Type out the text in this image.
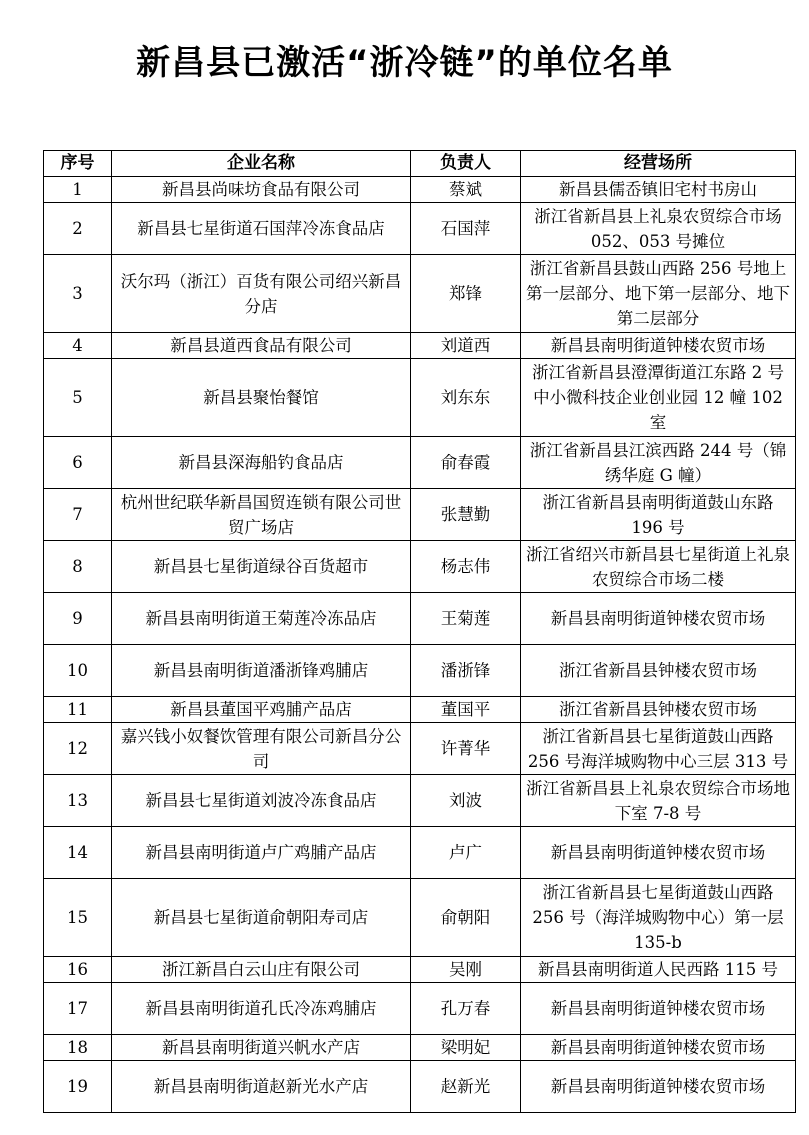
新昌县已激活“浙冷链”的单位名单
序号	企业名称	负责人	经营场所
1	新昌县尚味坊食品有限公司	蔡斌	新昌县儒岙镇旧宅村书房山
2	新昌县七星街道石国萍冷冻食品店	石国萍	浙江省新昌县上礼泉农贸综合市场 052、053 号摊位
3	沃尔玛（浙江）百货有限公司绍兴新昌分店	郑锋	浙江省新昌县鼓山西路 256 号地上第一层部分、地下第一层部分、地下第二层部分
4	新昌县道西食品有限公司	刘道西	新昌县南明街道钟楼农贸市场
5	新昌县聚怡餐馆	刘东东	浙江省新昌县澄潭街道江东路 2 号中小微科技企业创业园 12 幢 102 室
6	新昌县深海船钓食品店	俞春霞	浙江省新昌县江滨西路 244 号（锦绣华庭 G 幢）
7	杭州世纪联华新昌国贸连锁有限公司世贸广场店	张慧勤	浙江省新昌县南明街道鼓山东路 196 号
8	新昌县七星街道绿谷百货超市	杨志伟	浙江省绍兴市新昌县七星街道上礼泉农贸综合市场二楼
9	新昌县南明街道王菊莲冷冻品店	王菊莲	新昌县南明街道钟楼农贸市场
10	新昌县南明街道潘浙锋鸡脯店	潘浙锋	浙江省新昌县钟楼农贸市场
11	新昌县董国平鸡脯产品店	董国平	浙江省新昌县钟楼农贸市场
12	嘉兴钱小奴餐饮管理有限公司新昌分公司	许菁华	浙江省新昌县七星街道鼓山西路 256 号海洋城购物中心三层 313 号
13	新昌县七星街道刘波冷冻食品店	刘波	浙江省新昌县上礼泉农贸综合市场地下室 7-8 号
14	新昌县南明街道卢广鸡脯产品店	卢广	新昌县南明街道钟楼农贸市场
15	新昌县七星街道俞朝阳寿司店	俞朝阳	浙江省新昌县七星街道鼓山西路 256 号（海洋城购物中心）第一层 135-b
16	浙江新昌白云山庄有限公司	吴刚	新昌县南明街道人民西路 115 号
17	新昌县南明街道孔氏冷冻鸡脯店	孔万春	新昌县南明街道钟楼农贸市场
18	新昌县南明街道兴帆水产店	梁明妃	新昌县南明街道钟楼农贸市场
19	新昌县南明街道赵新光水产店	赵新光	新昌县南明街道钟楼农贸市场
